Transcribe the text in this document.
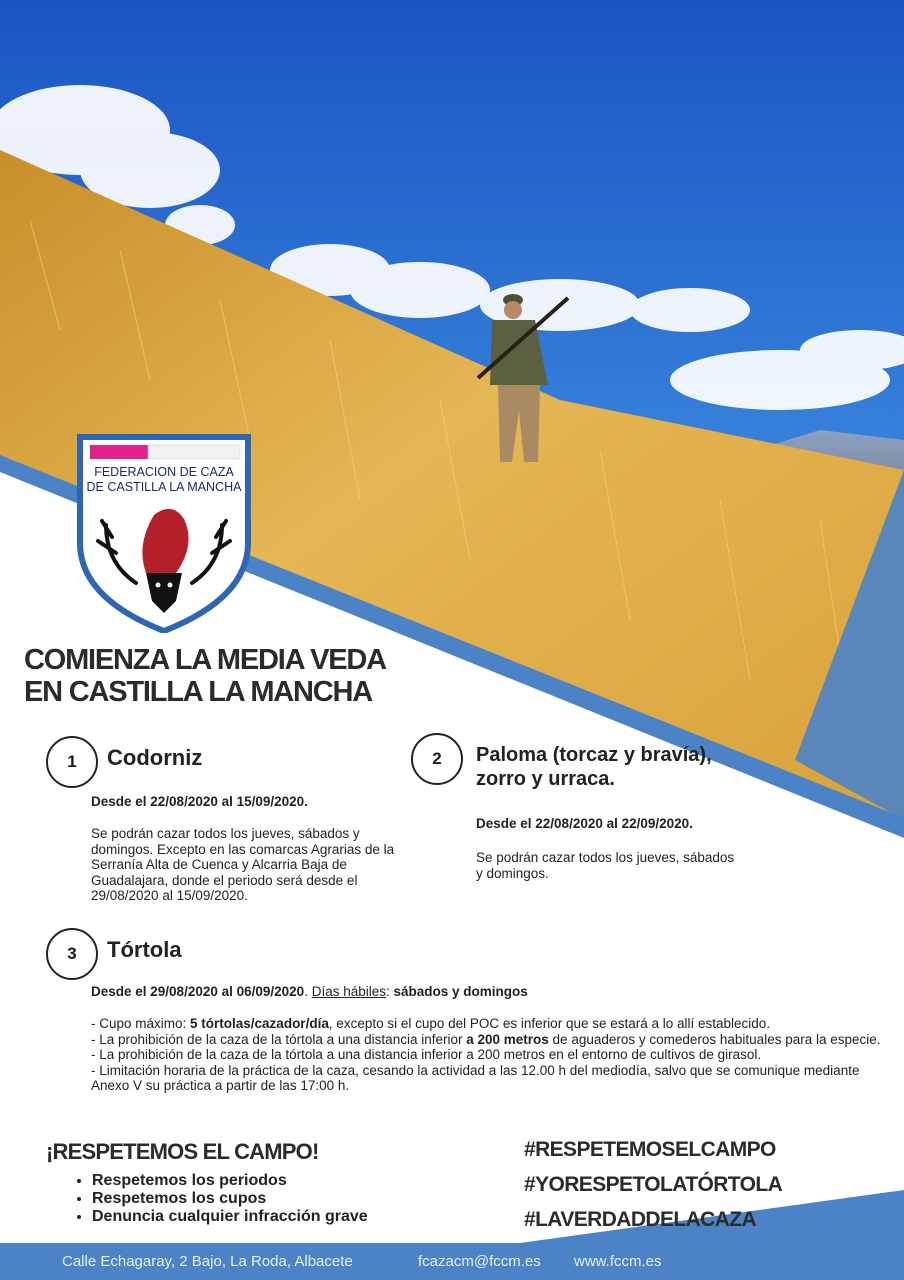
FEDERACION DE CAZA
DE CASTILLA LA MANCHA
COMIENZA LA MEDIA VEDA
EN CASTILLA LA MANCHA
1	Codorniz
Desde el 22/08/2020 al 15/09/2020.
Se podrán cazar todos los jueves, sábados y domingos. Excepto en las comarcas Agrarias de la Serranía Alta de Cuenca y Alcarria Baja de Guadalajara, donde el periodo será desde el 29/08/2020 al 15/09/2020.
2	Paloma (torcaz y bravía),
zorro y urraca.
Desde el 22/08/2020 al 22/09/2020.
Se podrán cazar todos los jueves, sábados y domingos.
3	Tórtola
Desde el 29/08/2020 al 06/09/2020. Días hábiles: sábados y domingos

- Cupo máximo: 5 tórtolas/cazador/día, excepto si el cupo del POC es inferior que se estará a lo allí establecido.

- La prohibición de la caza de la tórtola a una distancia inferior a 200 metros de aguaderos y comederos habituales para la especie.

- La prohibición de la caza de la tórtola a una distancia inferior a 200 metros en el entorno de cultivos de girasol.

- Limitación horaria de la práctica de la caza, cesando la actividad a las 12.00 h del mediodía, salvo que se comunique mediante Anexo V su práctica a partir de las 17:00 h.

¡RESPETEMOS EL CAMPO!
• Respetemos los periodos
• Respetemos los cupos
• Denuncia cualquier infracción grave
#RESPETEMOSELCAMPO
#YORESPETOLATÓRTOLA
#LAVERDADDELACAZA
Calle Echagaray, 2 Bajo, La Roda, Albacete	fcazacm@fccm.es www.fccm.es
